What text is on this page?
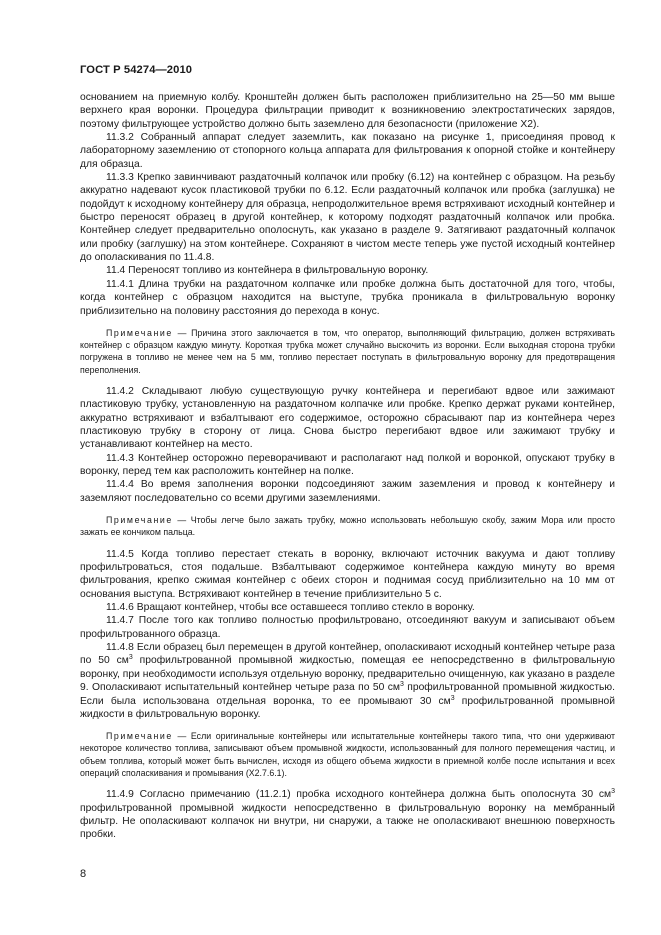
ГОСТ Р 54274—2010

основанием на приемную колбу. Кронштейн должен быть расположен приблизительно на 25—50 мм выше верхнего края воронки. Процедура фильтрации приводит к возникновению электростатических зарядов, поэтому фильтрующее устройство должно быть заземлено для безопасности (приложение Х2).

11.3.2 Собранный аппарат следует заземлить, как показано на рисунке 1, присоединяя провод к лабораторному заземлению от стопорного кольца аппарата для фильтрования к опорной стойке и контейнеру для образца.

11.3.3 Крепко завинчивают раздаточный колпачок или пробку (6.12) на контейнер с образцом. На резьбу аккуратно надевают кусок пластиковой трубки по 6.12. Если раздаточный колпачок или пробка (заглушка) не подойдут к исходному контейнеру для образца, непродолжительное время встряхивают исходный контейнер и быстро переносят образец в другой контейнер, к которому подходят раздаточный колпачок или пробка. Контейнер следует предварительно ополоснуть, как указано в разделе 9. Затягивают раздаточный колпачок или пробку (заглушку) на этом контейнере. Сохраняют в чистом месте теперь уже пустой исходный контейнер до ополаскивания по 11.4.8.

11.4 Переносят топливо из контейнера в фильтровальную воронку.

11.4.1 Длина трубки на раздаточном колпачке или пробке должна быть достаточной для того, чтобы, когда контейнер с образцом находится на выступе, трубка проникала в фильтровальную воронку приблизительно на половину расстояния до перехода в конус.

Примечание — Причина этого заключается в том, что оператор, выполняющий фильтрацию, должен встряхивать контейнер с образцом каждую минуту. Короткая трубка может случайно выскочить из воронки. Если выходная сторона трубки погружена в топливо не менее чем на 5 мм, топливо перестает поступать в фильтровальную воронку для предотвращения переполнения.

11.4.2 Складывают любую существующую ручку контейнера и перегибают вдвое или зажимают пластиковую трубку, установленную на раздаточном колпачке или пробке. Крепко держат руками контейнер, аккуратно встряхивают и взбалтывают его содержимое, осторожно сбрасывают пар из контейнера через пластиковую трубку в сторону от лица. Снова быстро перегибают вдвое или зажимают трубку и устанавливают контейнер на место.

11.4.3 Контейнер осторожно переворачивают и располагают над полкой и воронкой, опускают трубку в воронку, перед тем как расположить контейнер на полке.

11.4.4 Во время заполнения воронки подсоединяют зажим заземления и провод к контейнеру и заземляют последовательно со всеми другими заземлениями.

Примечание — Чтобы легче было зажать трубку, можно использовать небольшую скобу, зажим Мора или просто зажать ее кончиком пальца.

11.4.5 Когда топливо перестает стекать в воронку, включают источник вакуума и дают топливу профильтроваться, стоя подальше. Взбалтывают содержимое контейнера каждую минуту во время фильтрования, крепко сжимая контейнер с обеих сторон и поднимая сосуд приблизительно на 10 мм от основания выступа. Встряхивают контейнер в течение приблизительно 5 с.

11.4.6 Вращают контейнер, чтобы все оставшееся топливо стекло в воронку.

11.4.7 После того как топливо полностью профильтровано, отсоединяют вакуум и записывают объем профильтрованного образца.

11.4.8 Если образец был перемещен в другой контейнер, ополаскивают исходный контейнер четыре раза по 50 $см^3$ профильтрованной промывной жидкостью, помещая ее непосредственно в фильтровальную воронку, при необходимости используя отдельную воронку, предварительно очищенную, как указано в разделе 9. Ополаскивают испытательный контейнер четыре раза по 50 $см^3$ профильтрованной промывной жидкостью. Если была использована отдельная воронка, то ее промывают 30 $см^3$ профильтрованной промывной жидкости в фильтровальную воронку.

Примечание — Если оригинальные контейнеры или испытательные контейнеры такого типа, что они удерживают некоторое количество топлива, записывают объем промывной жидкости, использованный для полного перемещения частиц, и объем топлива, который может быть вычислен, исходя из общего объема жидкости в приемной колбе после испытания и всех операций споласкивания и промывания (Х2.7.6.1).

11.4.9 Согласно примечанию (11.2.1) пробка исходного контейнера должна быть ополоснута 30 $см^3$ профильтрованной промывной жидкости непосредственно в фильтровальную воронку на мембранный фильтр. Не ополаскивают колпачок ни внутри, ни снаружи, а также не ополаскивают внешнюю поверхность пробки.

8
